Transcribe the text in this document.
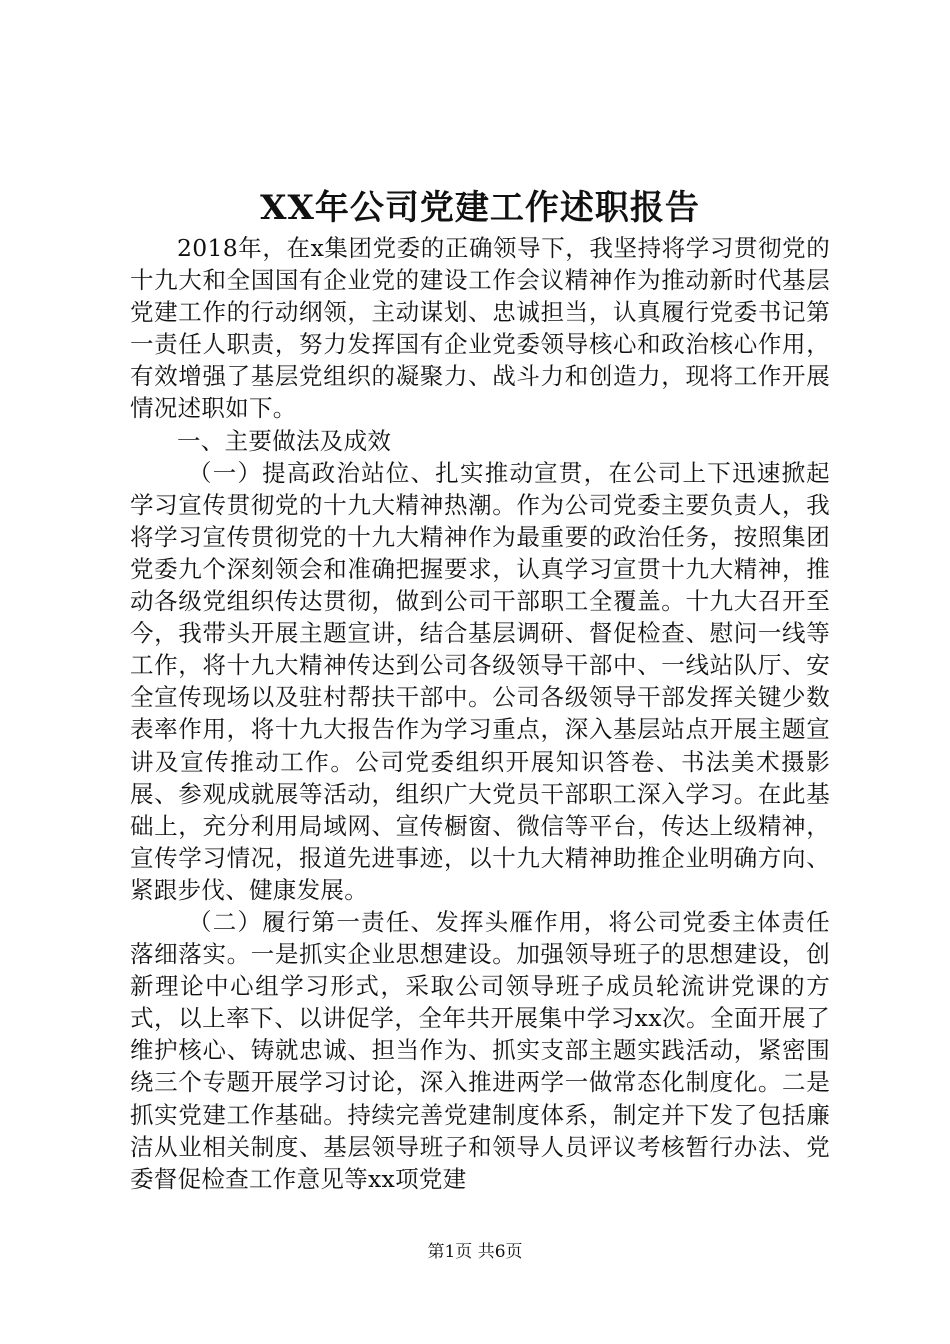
XX年公司党建工作述职报告

2018年，在x集团党委的正确领导下，我坚持将学习贯彻党的十九大和全国国有企业党的建设工作会议精神作为推动新时代基层党建工作的行动纲领，主动谋划、忠诚担当，认真履行党委书记第一责任人职责，努力发挥国有企业党委领导核心和政治核心作用，有效增强了基层党组织的凝聚力、战斗力和创造力，现将工作开展情况述职如下。

一、主要做法及成效

（一）提高政治站位、扎实推动宣贯，在公司上下迅速掀起学习宣传贯彻党的十九大精神热潮。作为公司党委主要负责人，我将学习宣传贯彻党的十九大精神作为最重要的政治任务，按照集团党委九个深刻领会和准确把握要求，认真学习宣贯十九大精神，推动各级党组织传达贯彻，做到公司干部职工全覆盖。十九大召开至今，我带头开展主题宣讲，结合基层调研、督促检查、慰问一线等工作，将十九大精神传达到公司各级领导干部中、一线站队厅、安全宣传现场以及驻村帮扶干部中。公司各级领导干部发挥关键少数表率作用，将十九大报告作为学习重点，深入基层站点开展主题宣讲及宣传推动工作。公司党委组织开展知识答卷、书法美术摄影展、参观成就展等活动，组织广大党员干部职工深入学习。在此基础上，充分利用局域网、宣传橱窗、微信等平台，传达上级精神，宣传学习情况，报道先进事迹，以十九大精神助推企业明确方向、紧跟步伐、健康发展。

（二）履行第一责任、发挥头雁作用，将公司党委主体责任落细落实。一是抓实企业思想建设。加强领导班子的思想建设，创新理论中心组学习形式，采取公司领导班子成员轮流讲党课的方式，以上率下、以讲促学，全年共开展集中学习xx次。全面开展了维护核心、铸就忠诚、担当作为、抓实支部主题实践活动，紧密围绕三个专题开展学习讨论，深入推进两学一做常态化制度化。二是抓实党建工作基础。持续完善党建制度体系，制定并下发了包括廉洁从业相关制度、基层领导班子和领导人员评议考核暂行办法、党委督促检查工作意见等xx项党建

第1页 共6页
